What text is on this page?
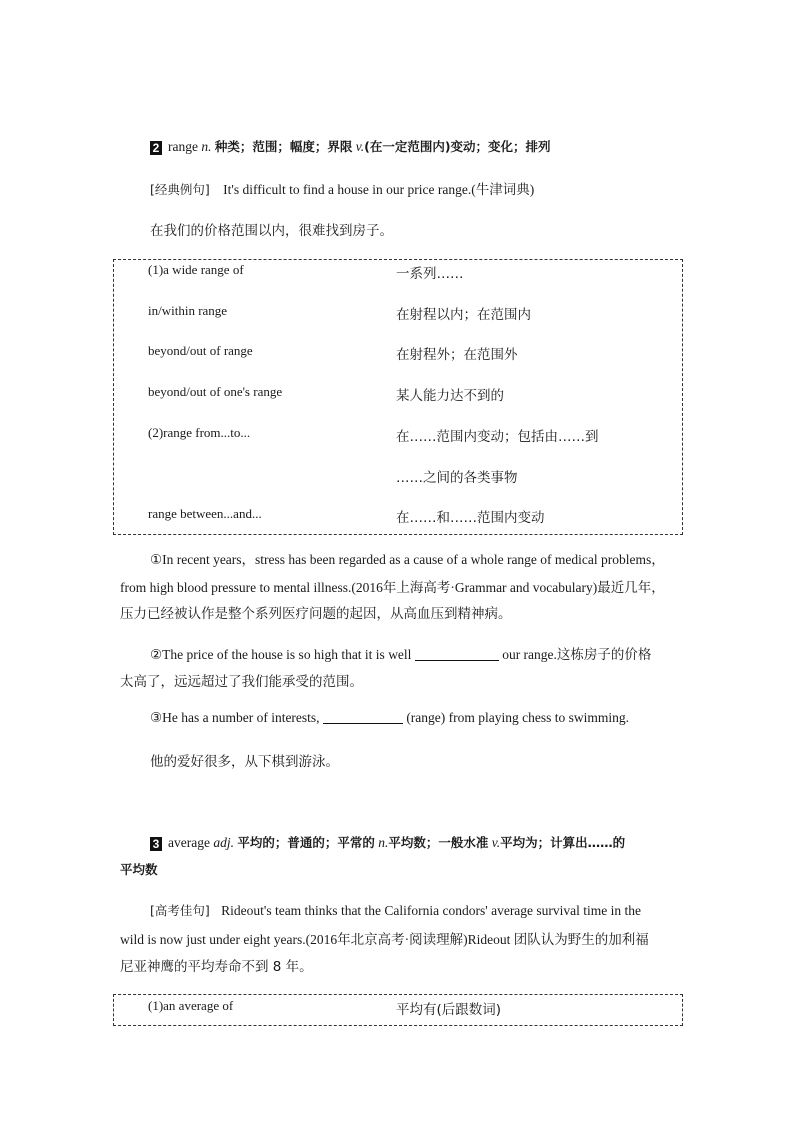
2 range n. 种类；范围；幅度；界限 v.(在一定范围内)变动；变化；排列
[经典例句] It's difficult to find a house in our price range.(牛津词典)
在我们的价格范围以内，很难找到房子。
(1)a wide range of	一系列……
in/within range	在射程以内；在范围内
beyond/out of range	在射程外；在范围外
beyond/out of one's range	某人能力达不到的
(2)range from...to...	在……范围内变动；包括由……到
……之间的各类事物
range between...and...	在……和……范围内变动
①In recent years，stress has been regarded as a cause of a whole range of medical problems，
from high blood pressure to mental illness.(2016年上海高考·Grammar and vocabulary)最近几年，
压力已经被认作是整个系列医疗问题的起因，从高血压到精神病。
②The price of the house is so high that it is well	our range.这栋房子的价格
太高了，远远超过了我们能承受的范围。
③He has a number of interests,	(range) from playing chess to swimming.
他的爱好很多，从下棋到游泳。
3 average adj. 平均的；普通的；平常的 n.平均数；一般水准 v.平均为；计算出……的
平均数
[高考佳句] Rideout's team thinks that the California condors' average survival time in the
wild is now just under eight years.(2016年北京高考·阅读理解)Rideout 团队认为野生的加利福
尼亚神鹰的平均寿命不到 8 年。
(1)an average of	平均有(后跟数词)
